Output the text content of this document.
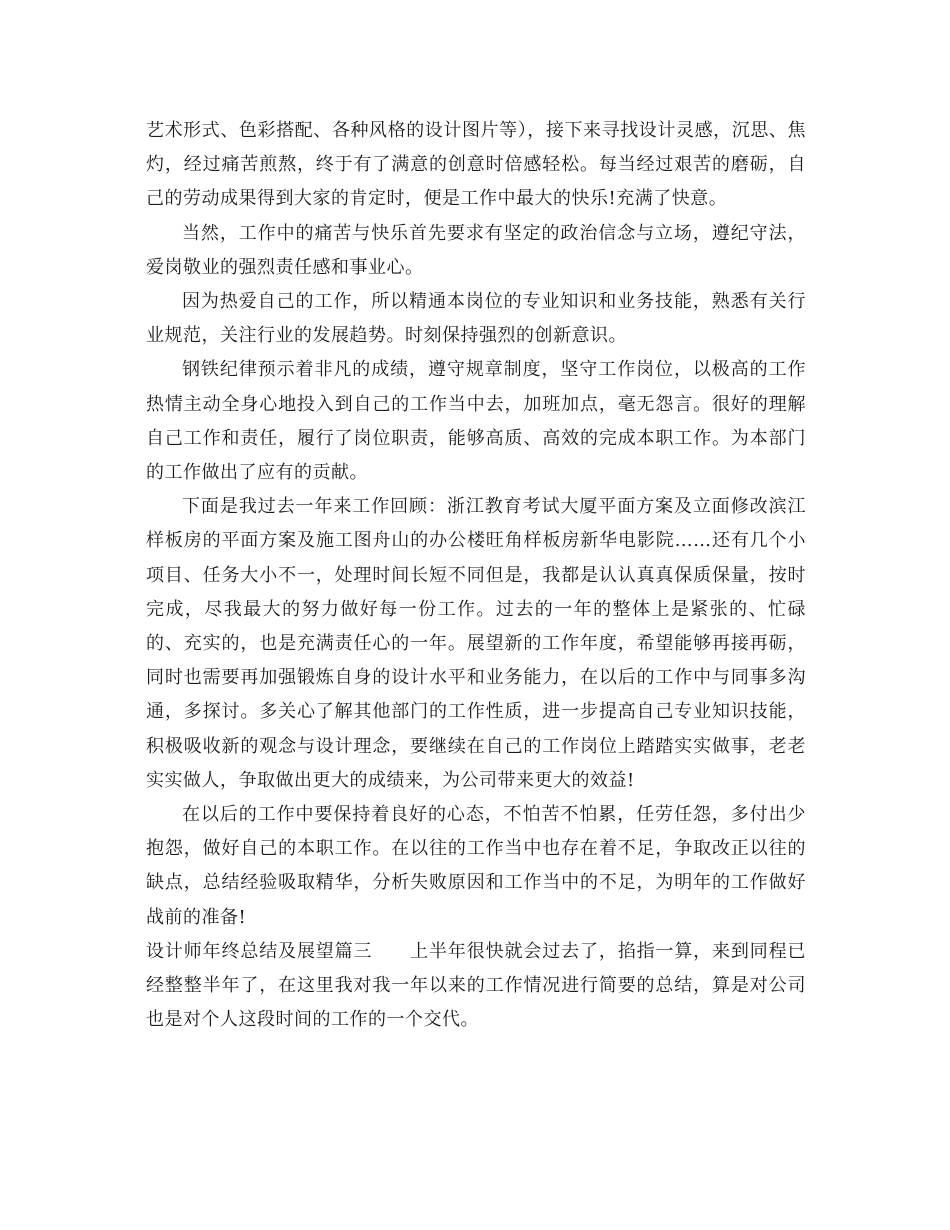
艺术形式、色彩搭配、各种风格的设计图片等），接下来寻找设计灵感，沉思、焦灼，经过痛苦煎熬，终于有了满意的创意时倍感轻松。每当经过艰苦的磨砺，自己的劳动成果得到大家的肯定时，便是工作中最大的快乐!充满了快意。

当然，工作中的痛苦与快乐首先要求有坚定的政治信念与立场，遵纪守法，爱岗敬业的强烈责任感和事业心。

因为热爱自己的工作，所以精通本岗位的专业知识和业务技能，熟悉有关行业规范，关注行业的发展趋势。时刻保持强烈的创新意识。

钢铁纪律预示着非凡的成绩，遵守规章制度，坚守工作岗位，以极高的工作热情主动全身心地投入到自己的工作当中去，加班加点，毫无怨言。很好的理解自己工作和责任，履行了岗位职责，能够高质、高效的完成本职工作。为本部门的工作做出了应有的贡献。

下面是我过去一年来工作回顾：浙江教育考试大厦平面方案及立面修改滨江样板房的平面方案及施工图舟山的办公楼旺角样板房新华电影院……还有几个小项目、任务大小不一，处理时间长短不同但是，我都是认认真真保质保量，按时完成，尽我最大的努力做好每一份工作。过去的一年的整体上是紧张的、忙碌的、充实的，也是充满责任心的一年。展望新的工作年度，希望能够再接再砺，同时也需要再加强锻炼自身的设计水平和业务能力，在以后的工作中与同事多沟通，多探讨。多关心了解其他部门的工作性质，进一步提高自己专业知识技能，积极吸收新的观念与设计理念，要继续在自己的工作岗位上踏踏实实做事，老老实实做人，争取做出更大的成绩来，为公司带来更大的效益!

在以后的工作中要保持着良好的心态，不怕苦不怕累，任劳任怨，多付出少抱怨，做好自己的本职工作。在以往的工作当中也存在着不足，争取改正以往的缺点，总结经验吸取精华，分析失败原因和工作当中的不足，为明年的工作做好战前的准备!

设计师年终总结及展望篇三　　 上半年很快就会过去了，掐指一算，来到同程已经整整半年了，在这里我对我一年以来的工作情况进行简要的总结，算是对公司也是对个人这段时间的工作的一个交代。
